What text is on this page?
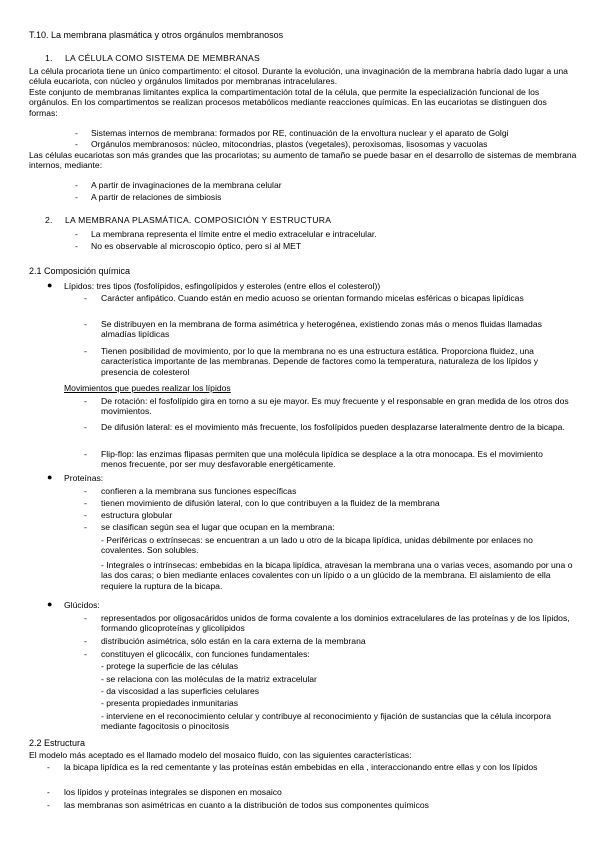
T.10. La membrana plasmática y otros orgánulos membranosos
1. LA CÉLULA COMO SISTEMA DE MEMBRANAS

La célula procariota tiene un único compartimento: el citosol. Durante la evolución, una invaginación de la membrana habría dado lugar a una célula eucariota, con núcleo y orgánulos limitados por membranas intracelulares.

Este conjunto de membranas limitantes explica la compartimentación total de la célula, que permite la especialización funcional de los orgánulos. En los compartimentos se realizan procesos metabólicos mediante reacciones químicas. En las eucariotas se distinguen dos formas:

- Sistemas internos de membrana: formados por RE, continuación de la envoltura nuclear y el aparato de Golgi
- Orgánulos membranosos: núcleo, mitocondrias, plastos (vegetales), peroxisomas, lisosomas y vacuolas

Las células eucariotas son más grandes que las procariotas; su aumento de tamaño se puede basar en el desarrollo de sistemas de membrana internos, mediante:

- A partir de invaginaciones de la membrana celular
- A partir de relaciones de simbiosis
2. LA MEMBRANA PLASMÁTICA. COMPOSICIÓN Y ESTRUCTURA
- La membrana representa el límite entre el medio extracelular e intracelular.
- No es observable al microscopio óptico, pero sí al MET
2.1 Composición química
● Lípidos: tres tipos (fosfolípidos, esfingolípidos y esteroles (entre ellos el colesterol))
- Carácter anfipático. Cuando están en medio acuoso se orientan formando micelas esféricas o bicapas lipídicas
- Se distribuyen en la membrana de forma asimétrica y heterogénea, existiendo zonas más o menos fluidas llamadas almadías lipídicas
- Tienen posibilidad de movimiento, por lo que la membrana no es una estructura estática. Proporciona fluidez, una característica importante de las membranas. Depende de factores como la temperatura, naturaleza de los lípidos y presencia de colesterol
Movimientos que puedes realizar los lípidos
- De rotación: el fosfolípido gira en torno a su eje mayor. Es muy frecuente y el responsable en gran medida de los otros dos movimientos.
- De difusión lateral: es el movimiento más frecuente, los fosfolípidos pueden desplazarse lateralmente dentro de la bicapa.
- Flip-flop: las enzimas flipasas permiten que una molécula lipídica se desplace a la otra monocapa. Es el movimiento menos frecuente, por ser muy desfavorable energéticamente.
● Proteínas:
- confieren a la membrana sus funciones específicas
- tienen movimiento de difusión lateral, con lo que contribuyen a la fluidez de la membrana
- estructura globular
- se clasifican según sea el lugar que ocupan en la membrana:
- Periféricas o extrínsecas: se encuentran a un lado u otro de la bicapa lipídica, unidas débilmente por enlaces no covalentes. Son solubles.
- Integrales o intrínsecas: embebidas en la bicapa lipídica, atravesan la membrana una o varias veces, asomando por una o las dos caras; o bien mediante enlaces covalentes con un lípido o a un glúcido de la membrana. El aislamiento de ella requiere la ruptura de la bicapa.
● Glúcidos:
- representados por oligosacáridos unidos de forma covalente a los dominios extracelulares de las proteínas y de los lípidos, formando glicoproteínas y glicolípidos
- distribución asimétrica, sólo están en la cara externa de la membrana
- constituyen el glicocálix, con funciones fundamentales:
- protege la superficie de las células
- se relaciona con las moléculas de la matriz extracelular
- da viscosidad a las superficies celulares
- presenta propiedades inmunitarias
- interviene en el reconocimiento celular y contribuye al reconocimiento y fijación de sustancias que la célula incorpora mediante fagocitosis o pinocitosis
2.2 Estructura

El modelo más aceptado es el llamado modelo del mosaico fluido, con las siguientes características:

- la bicapa lipídica es la red cementante y las proteínas están embebidas en ella , interaccionando entre ellas y con los lípidos
- los lípidos y proteínas integrales se disponen en mosaico
- las membranas son asimétricas en cuanto a la distribución de todos sus componentes químicos
